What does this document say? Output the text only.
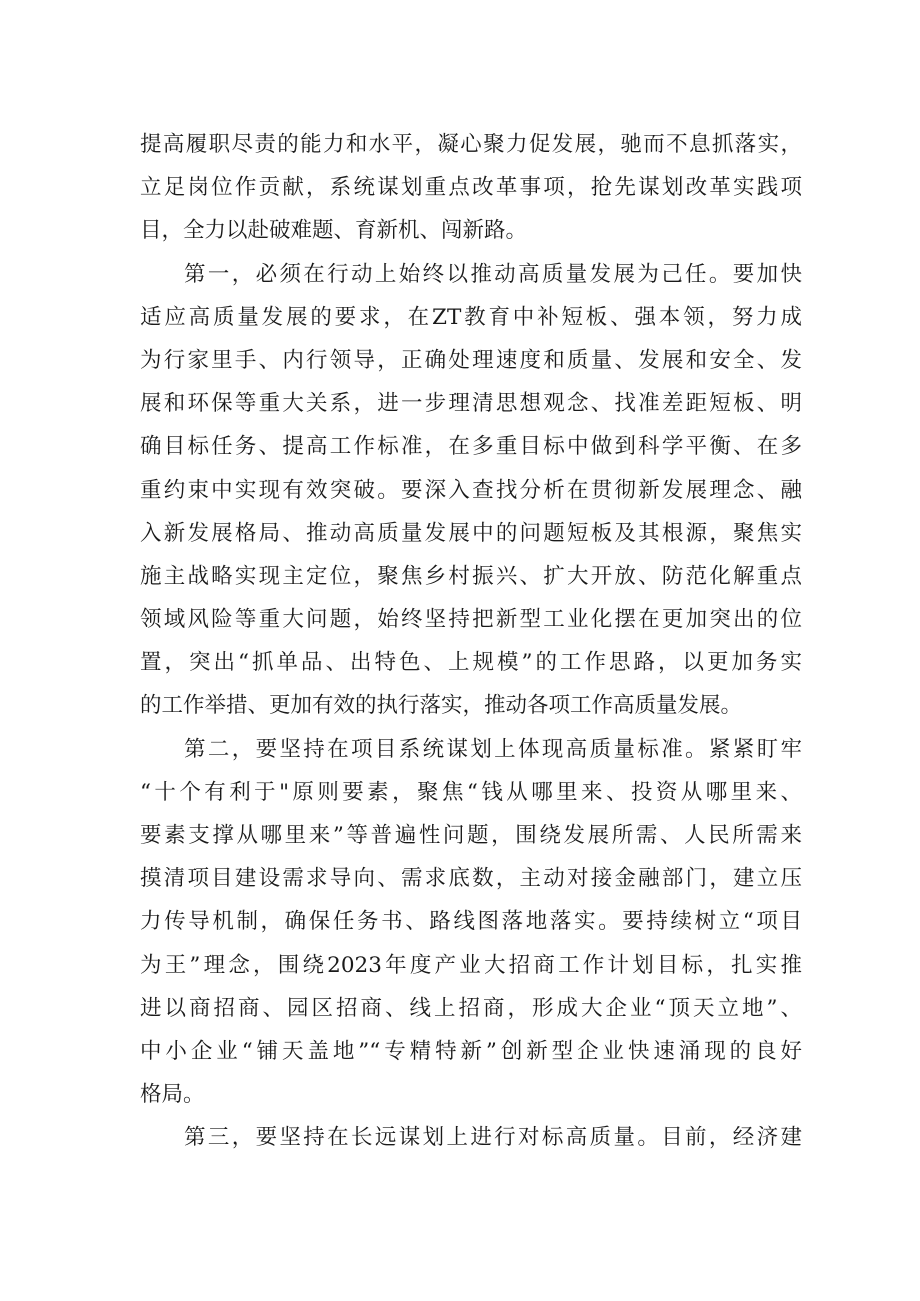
提高履职尽责的能力和水平，凝心聚力促发展，驰而不息抓落实，
立足岗位作贡献，系统谋划重点改革事项，抢先谋划改革实践项
目，全力以赴破难题、育新机、闯新路。
第一，必须在行动上始终以推动高质量发展为己任。要加快
适应高质量发展的要求，在ZT教育中补短板、强本领，努力成
为行家里手、内行领导，正确处理速度和质量、发展和安全、发
展和环保等重大关系，进一步理清思想观念、找准差距短板、明
确目标任务、提高工作标准，在多重目标中做到科学平衡、在多
重约束中实现有效突破。要深入查找分析在贯彻新发展理念、融
入新发展格局、推动高质量发展中的问题短板及其根源，聚焦实
施主战略实现主定位，聚焦乡村振兴、扩大开放、防范化解重点
领域风险等重大问题，始终坚持把新型工业化摆在更加突出的位
置，突出“抓单品、出特色、上规模”的工作思路，以更加务实
的工作举措、更加有效的执行落实，推动各项工作高质量发展。
第二，要坚持在项目系统谋划上体现高质量标准。紧紧盯牢
“十个有利于"原则要素，聚焦“钱从哪里来、投资从哪里来、
要素支撑从哪里来”等普遍性问题，围绕发展所需、人民所需来
摸清项目建设需求导向、需求底数，主动对接金融部门，建立压
力传导机制，确保任务书、路线图落地落实。要持续树立“项目
为王”理念，围绕2023年度产业大招商工作计划目标，扎实推
进以商招商、园区招商、线上招商，形成大企业“顶天立地”、
中小企业“铺天盖地”“专精特新”创新型企业快速涌现的良好
格局。
第三，要坚持在长远谋划上进行对标高质量。目前，经济建
